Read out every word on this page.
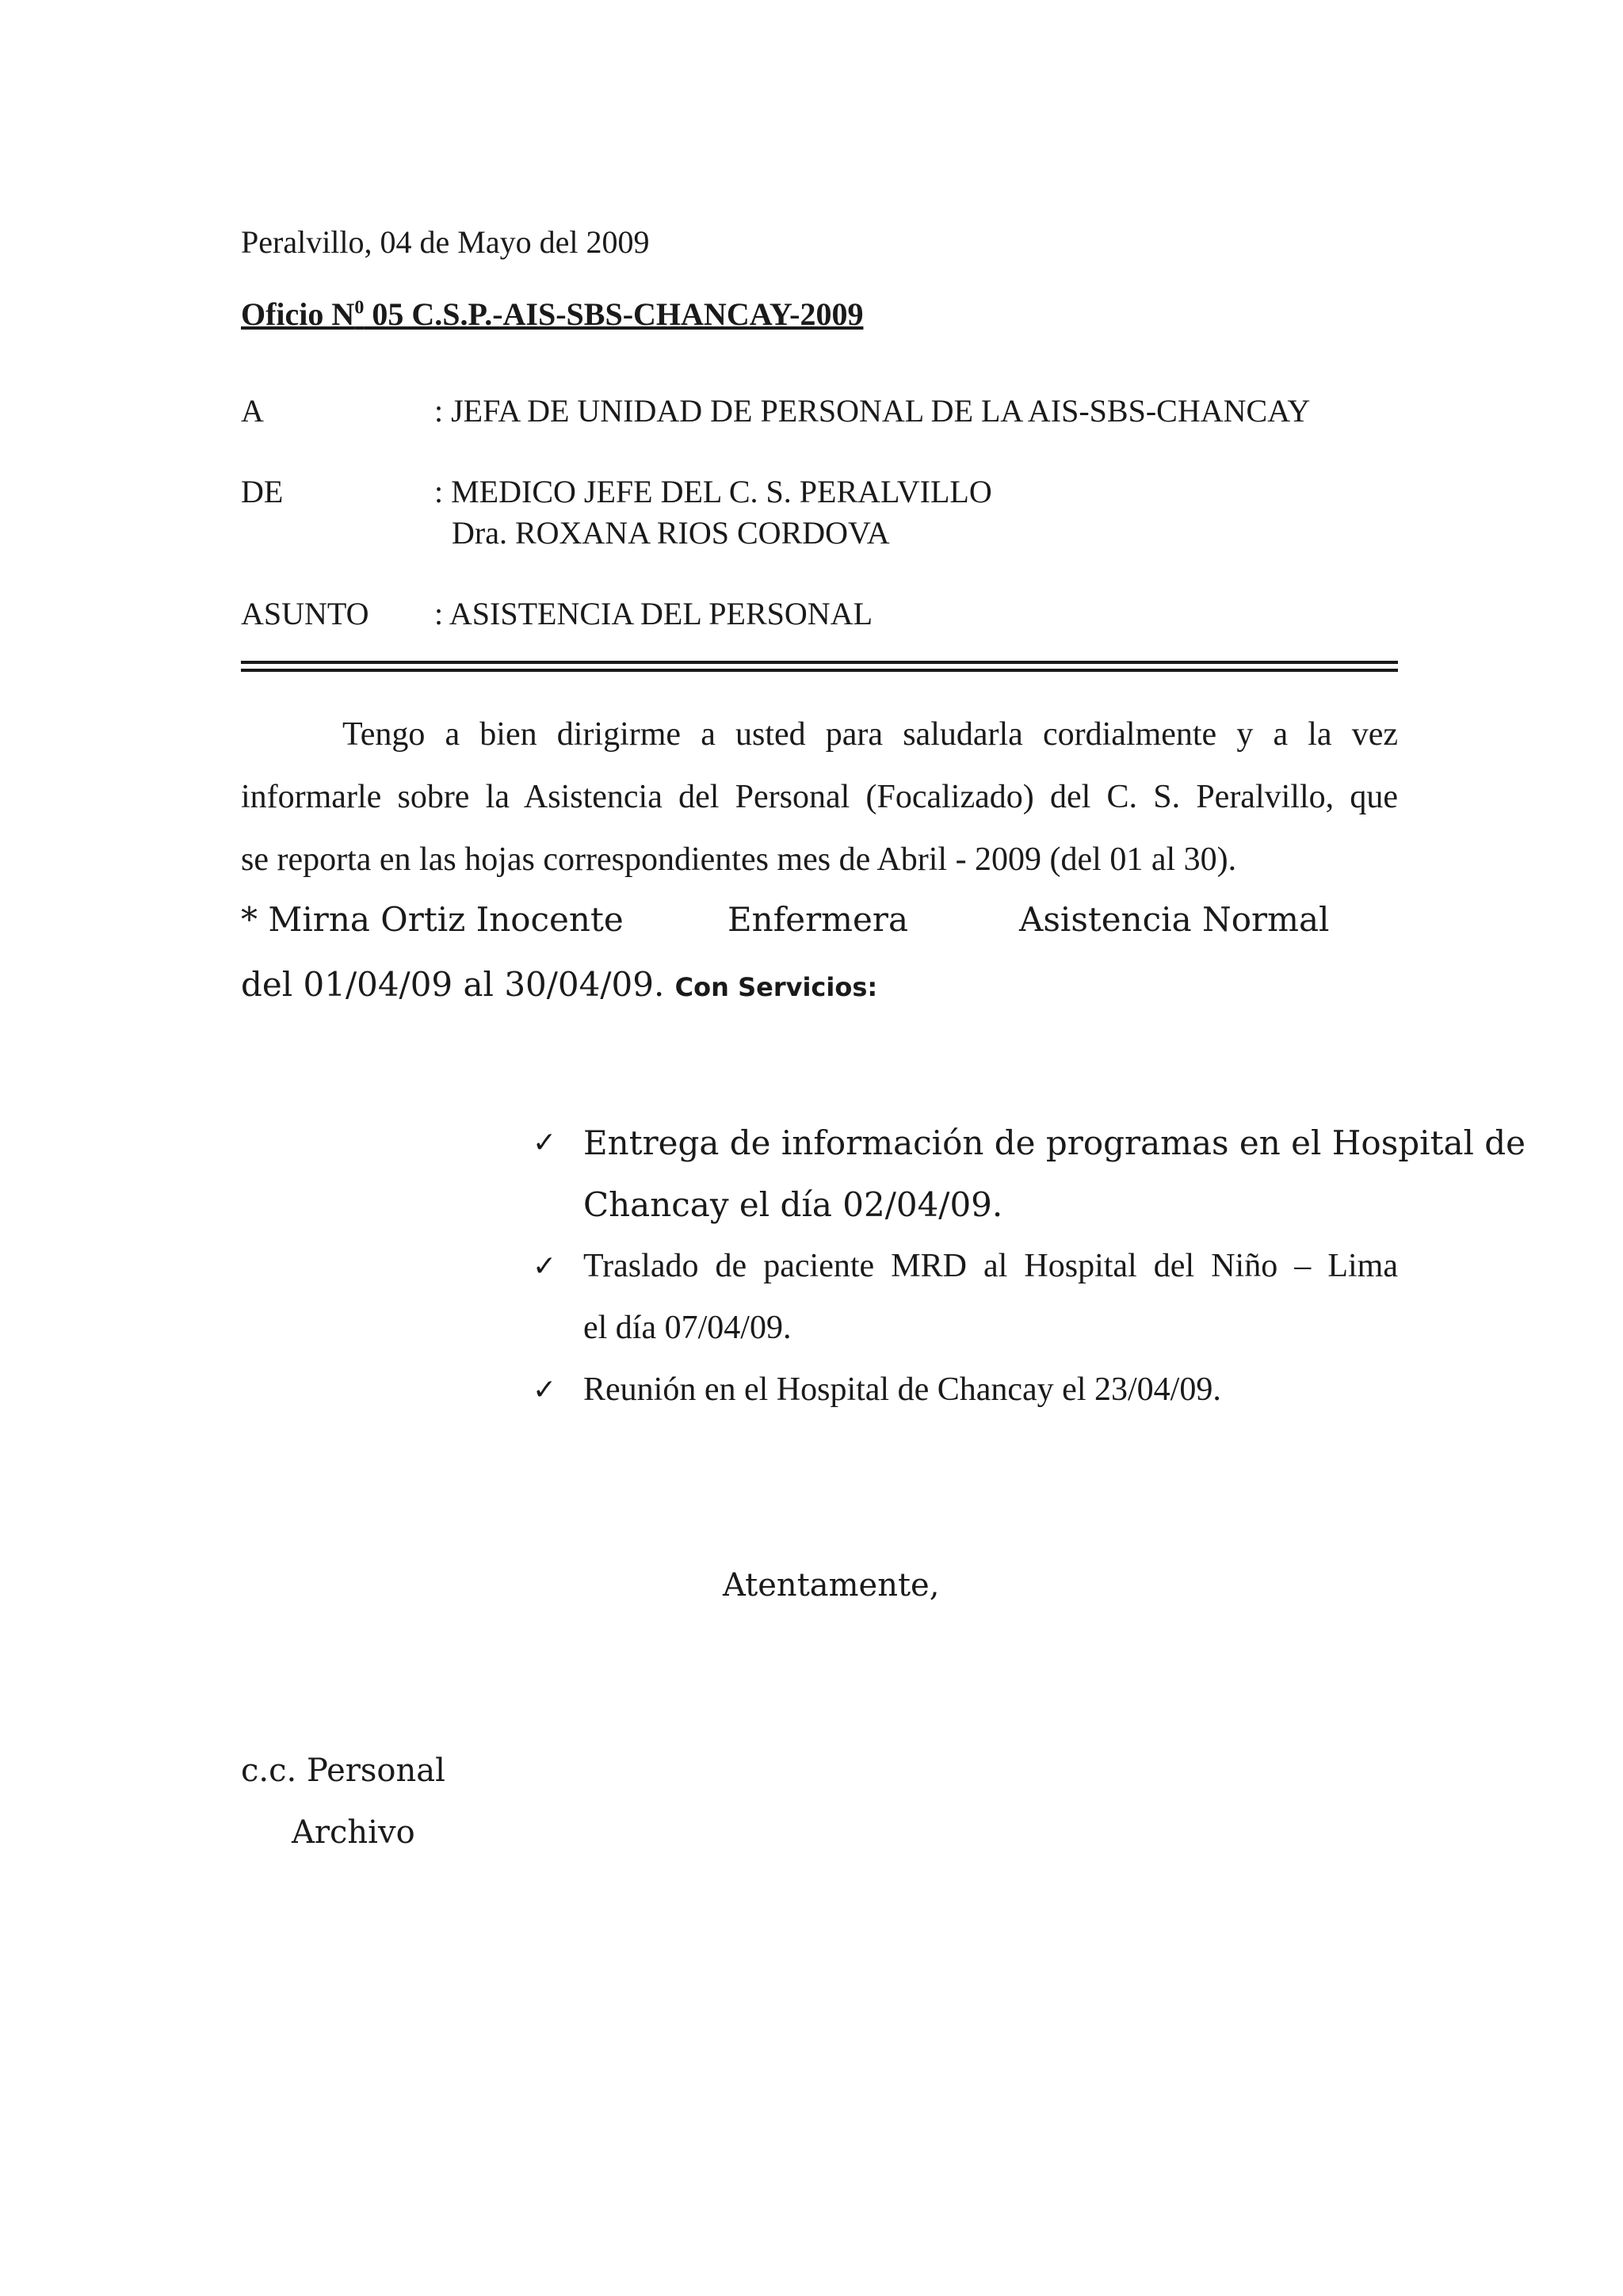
Peralvillo, 04 de Mayo del 2009
Oficio $N^0$ 05 C.S.P.-AIS-SBS-CHANCAY-2009
A	: JEFA DE UNIDAD DE PERSONAL DE LA AIS-SBS-CHANCAY
DE	: MEDICO JEFE DEL C. S. PERALVILLO
Dra. ROXANA RIOS CORDOVA
ASUNTO : ASISTENCIA DEL PERSONAL
Tengo a bien dirigirme a usted para saludarla cordialmente y a la vez
informarle sobre la Asistencia del Personal (Focalizado) del C. S. Peralvillo, que
se reporta en las hojas correspondientes mes de Abril - 2009 (del 01 al 30).
* Mirna Ortiz Inocente	Enfermera	Asistencia Normal
del 01/04/09 al 30/04/09. Con Servicios:
✓ Entrega de información de programas en el Hospital de
Chancay el día 02/04/09.
✓ Traslado de paciente MRD al Hospital del Niño – Lima
el día 07/04/09.
✓ Reunión en el Hospital de Chancay el 23/04/09.
Atentamente,
c.c. Personal
Archivo
